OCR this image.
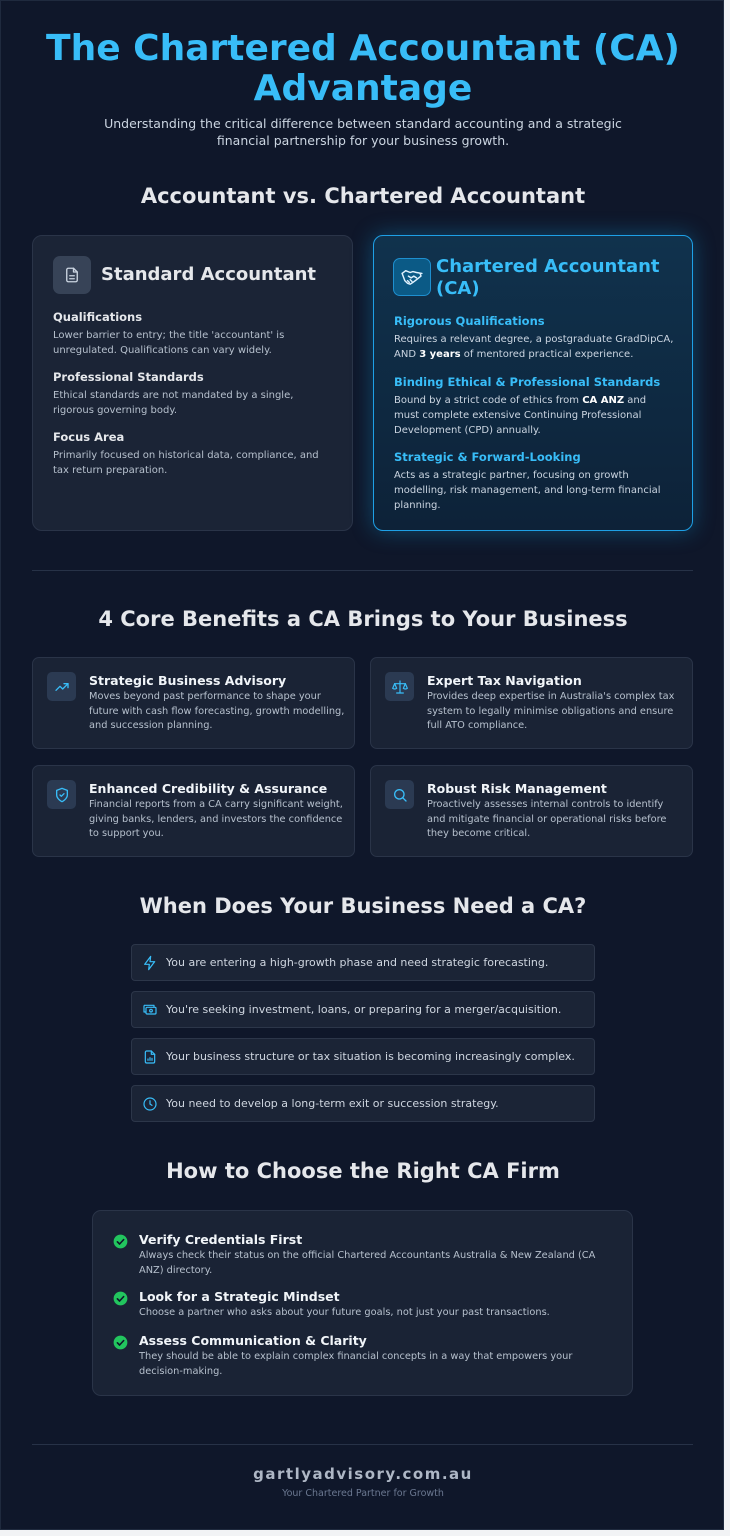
The Chartered Accountant (CA) Advantage

Understanding the critical difference between standard accounting and a strategic financial partnership for your business growth.

Accountant vs. Chartered Accountant
Standard Accountant
Qualifications
Lower barrier to entry; the title 'accountant' is unregulated. Qualifications can vary widely.
Professional Standards
Ethical standards are not mandated by a single, rigorous governing body.
Focus Area
Primarily focused on historical data, compliance, and tax return preparation.
Chartered Accountant (CA)
Rigorous Qualifications
Requires a relevant degree, a postgraduate GradDipCA, AND 3 years of mentored practical experience.
Binding Ethical & Professional Standards
Bound by a strict code of ethics from CA ANZ and must complete extensive Continuing Professional Development (CPD) annually.
Strategic & Forward-Looking
Acts as a strategic partner, focusing on growth modelling, risk management, and long-term financial planning.
4 Core Benefits a CA Brings to Your Business
Strategic Business Advisory
Moves beyond past performance to shape your future with cash flow forecasting, growth modelling, and succession planning.
Expert Tax Navigation
Provides deep expertise in Australia's complex tax system to legally minimise obligations and ensure full ATO compliance.
Enhanced Credibility & Assurance
Financial reports from a CA carry significant weight, giving banks, lenders, and investors the confidence to support you.
Robust Risk Management
Proactively assesses internal controls to identify and mitigate financial or operational risks before they become critical.
When Does Your Business Need a CA?
You are entering a high-growth phase and need strategic forecasting.
You're seeking investment, loans, or preparing for a merger/acquisition.
Your business structure or tax situation is becoming increasingly complex.
You need to develop a long-term exit or succession strategy.
How to Choose the Right CA Firm
Verify Credentials First
Always check their status on the official Chartered Accountants Australia & New Zealand (CA ANZ) directory.
Look for a Strategic Mindset
Choose a partner who asks about your future goals, not just your past transactions.
Assess Communication & Clarity
They should be able to explain complex financial concepts in a way that empowers your decision-making.
gartlyadvisory.com.au
Your Chartered Partner for Growth
